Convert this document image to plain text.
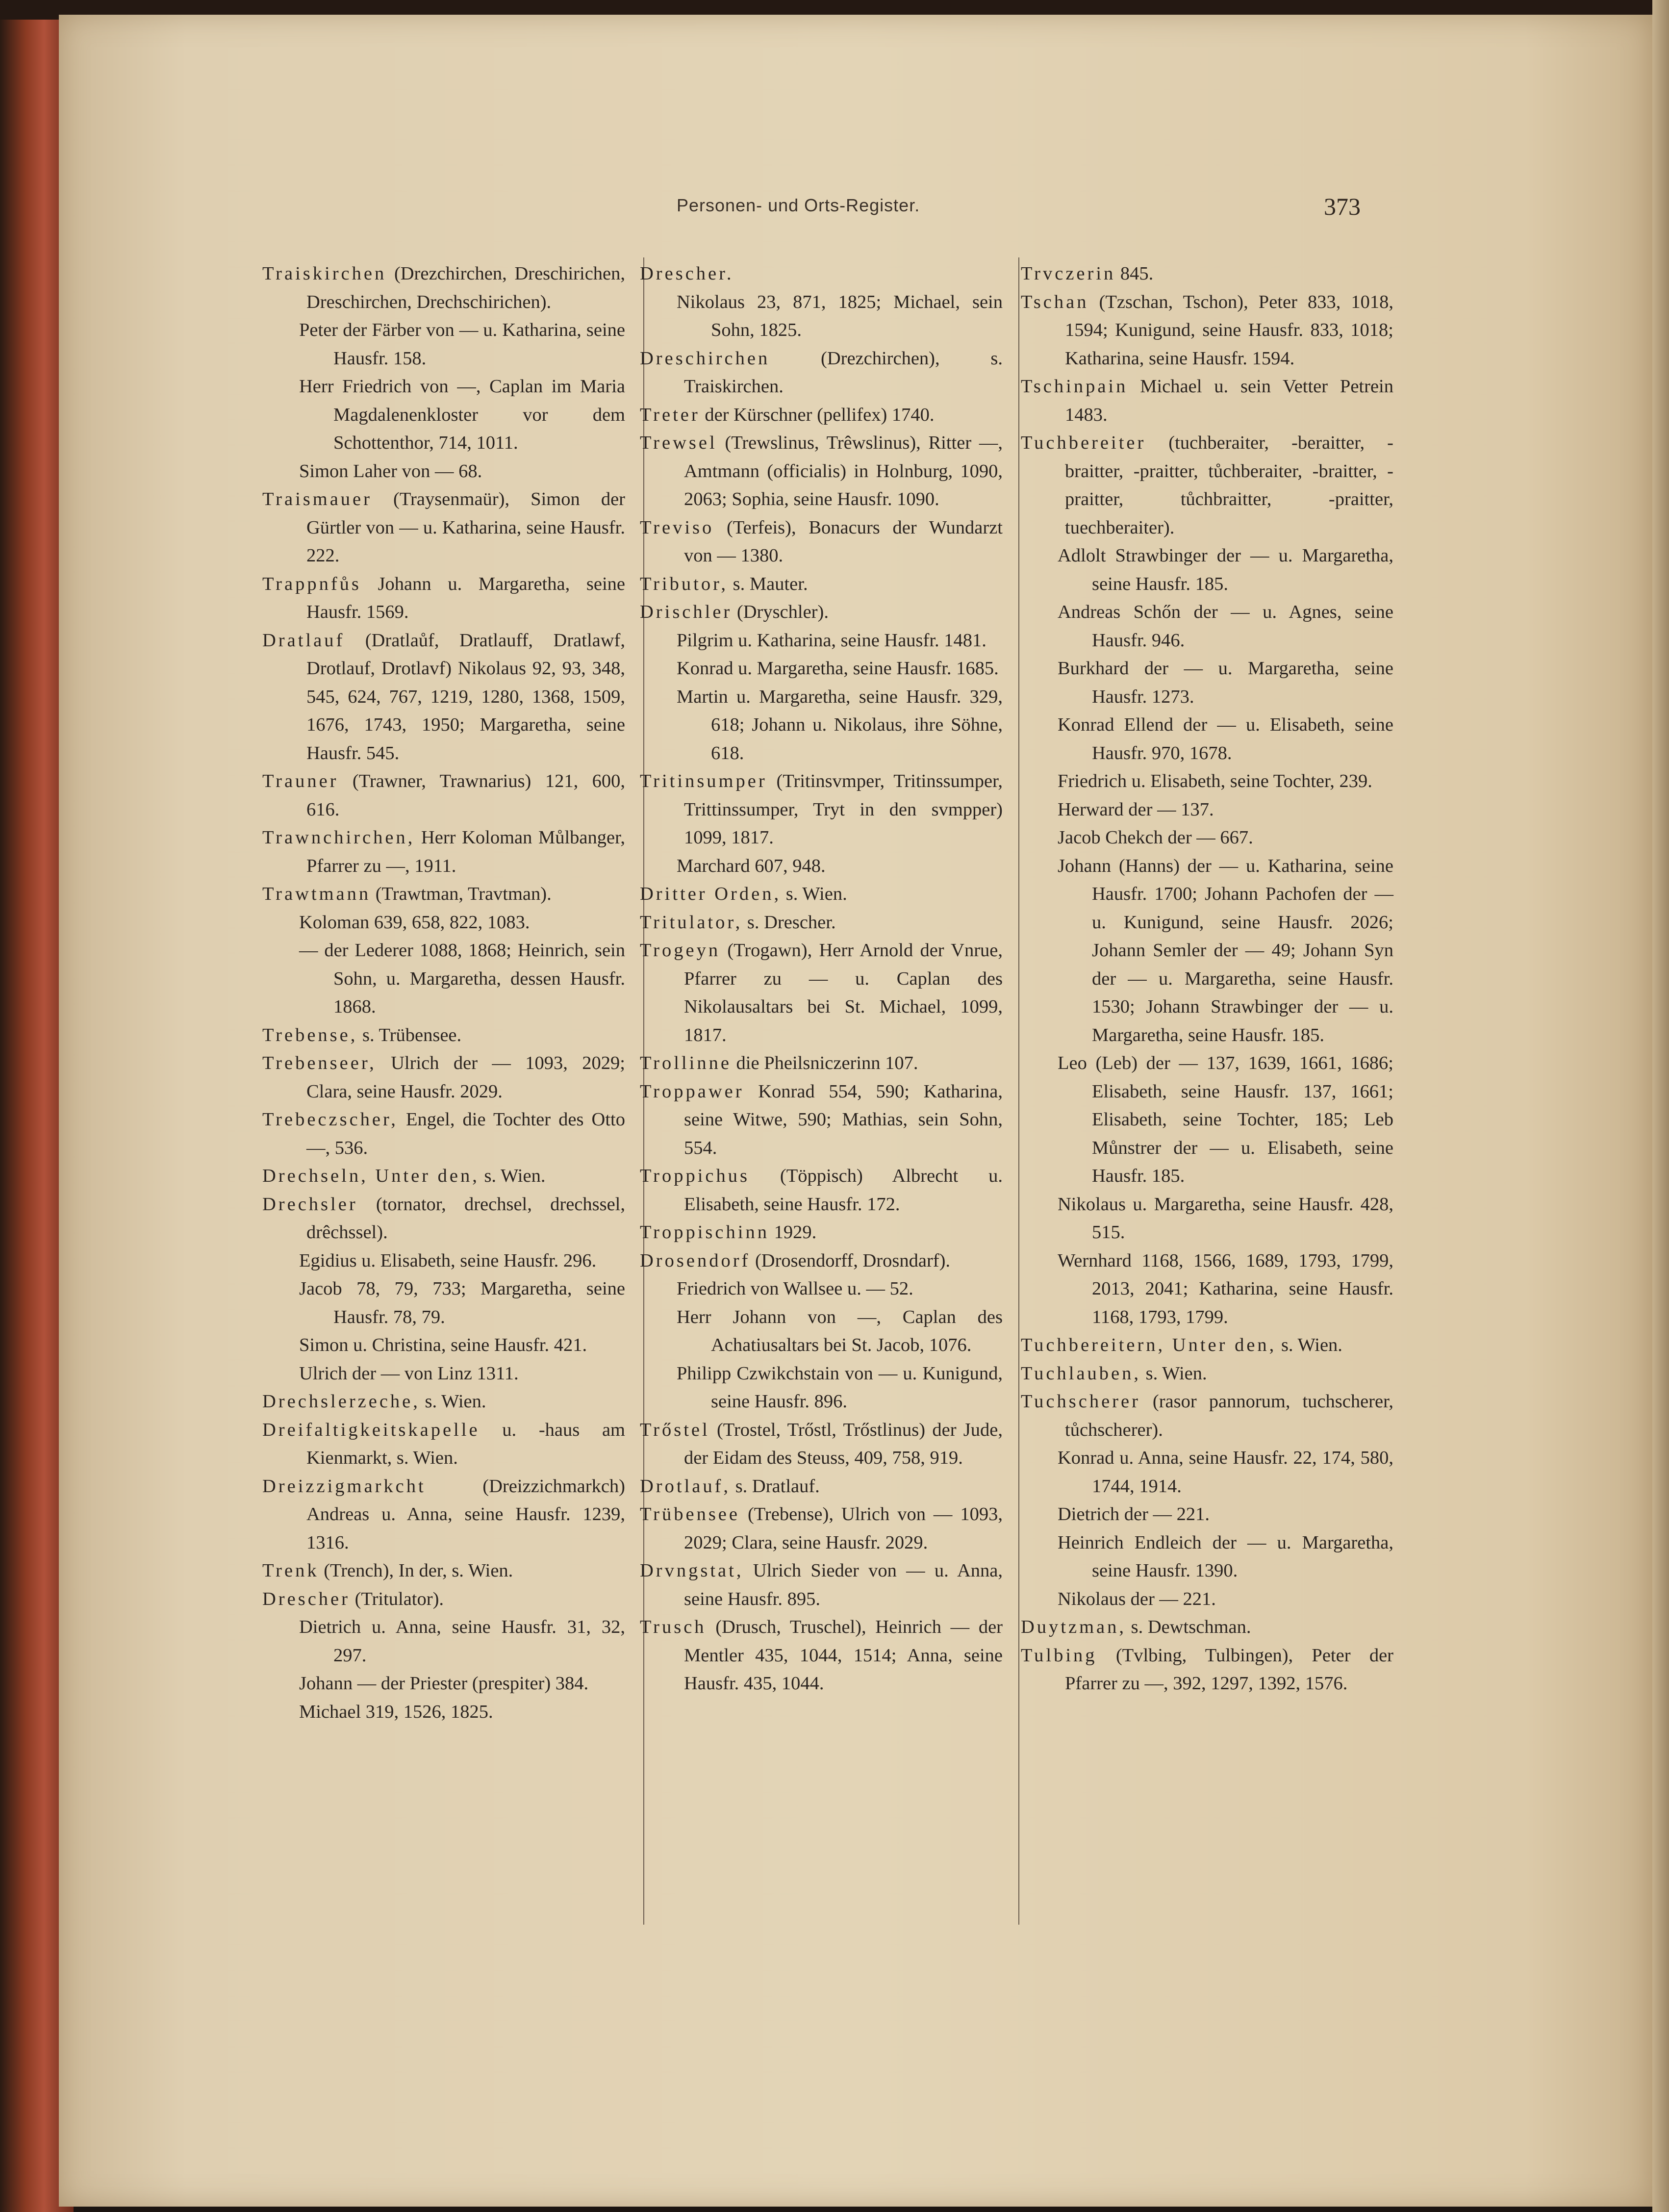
Personen- und Orts-Register.	373

Traiskirchen (Drezchirchen, Dreschirichen, Dreschirchen, Drechschirichen).

Peter der Färber von — u. Katharina, seine Hausfr. 158.

Herr Friedrich von —, Caplan im Maria Magdalenenkloster vor dem Schottenthor, 714, 1011.

Simon Laher von — 68.

Traismauer (Traysenmaür), Simon der Gürtler von — u. Katharina, seine Hausfr. 222.

Trappnfůs Johann u. Margaretha, seine Hausfr. 1569.

Dratlauf (Dratlaůf, Dratlauff, Dratlawf, Drotlauf, Drotlavf) Nikolaus 92, 93, 348, 545, 624, 767, 1219, 1280, 1368, 1509, 1676, 1743, 1950; Margaretha, seine Hausfr. 545.

Trauner (Trawner, Trawnarius) 121, 600, 616.

Trawnchirchen, Herr Koloman Můlbanger, Pfarrer zu —, 1911.

Trawtmann (Trawtman, Travtman).

Koloman 639, 658, 822, 1083.

— der Lederer 1088, 1868; Heinrich, sein Sohn, u. Margaretha, dessen Hausfr. 1868.

Trebense, s. Trübensee.

Trebenseer, Ulrich der — 1093, 2029; Clara, seine Hausfr. 2029.

Trebeczscher, Engel, die Tochter des Otto —, 536.

Drechseln, Unter den, s. Wien.

Drechsler (tornator, drechsel, drechssel, drêchssel).

Egidius u. Elisabeth, seine Hausfr. 296.

Jacob 78, 79, 733; Margaretha, seine Hausfr. 78, 79.

Simon u. Christina, seine Hausfr. 421.

Ulrich der — von Linz 1311.

Drechslerzeche, s. Wien.

Dreifaltigkeitskapelle u. -haus am Kienmarkt, s. Wien.

Dreizzigmarkcht (Dreizzichmarkch) Andreas u. Anna, seine Hausfr. 1239, 1316.

Trenk (Trench), In der, s. Wien.

Drescher (Tritulator).

Dietrich u. Anna, seine Hausfr. 31, 32, 297.

Johann — der Priester (prespiter) 384.

Michael 319, 1526, 1825.

Drescher.

Nikolaus 23, 871, 1825; Michael, sein Sohn, 1825.

Dreschirchen (Drezchirchen), s. Traiskirchen.

Treter der Kürschner (pellifex) 1740.

Trewsel (Trewslinus, Trêwslinus), Ritter —, Amtmann (officialis) in Holnburg, 1090, 2063; Sophia, seine Hausfr. 1090.

Treviso (Terfeis), Bonacurs der Wundarzt von — 1380.

Tributor, s. Mauter.

Drischler (Dryschler).

Pilgrim u. Katharina, seine Hausfr. 1481.

Konrad u. Margaretha, seine Hausfr. 1685.

Martin u. Margaretha, seine Hausfr. 329, 618; Johann u. Nikolaus, ihre Söhne, 618.

Tritinsumper (Tritinsvmper, Tritinssumper, Trittinssumper, Tryt in den svmpper) 1099, 1817.

Marchard 607, 948.

Dritter Orden, s. Wien.

Tritulator, s. Drescher.

Trogeyn (Trogawn), Herr Arnold der Vnrue, Pfarrer zu — u. Caplan des Nikolausaltars bei St. Michael, 1099, 1817.

Trollinne die Pheilsniczerinn 107.

Troppawer Konrad 554, 590; Katharina, seine Witwe, 590; Mathias, sein Sohn, 554.

Troppichus (Töppisch) Albrecht u. Elisabeth, seine Hausfr. 172.

Troppischinn 1929.

Drosendorf (Drosendorff, Drosndarf).

Friedrich von Wallsee u. — 52.

Herr Johann von —, Caplan des Achatiusaltars bei St. Jacob, 1076.

Philipp Czwikchstain von — u. Kunigund, seine Hausfr. 896.

Trőstel (Trostel, Trőstl, Trőstlinus) der Jude, der Eidam des Steuss, 409, 758, 919.

Drotlauf, s. Dratlauf.

Trübensee (Trebense), Ulrich von — 1093, 2029; Clara, seine Hausfr. 2029.

Drvngstat, Ulrich Sieder von — u. Anna, seine Hausfr. 895.

Trusch (Drusch, Truschel), Heinrich — der Mentler 435, 1044, 1514; Anna, seine Hausfr. 435, 1044.

Trvczerin 845.

Tschan (Tzschan, Tschon), Peter 833, 1018, 1594; Kunigund, seine Hausfr. 833, 1018; Katharina, seine Hausfr. 1594.

Tschinpain Michael u. sein Vetter Petrein 1483.

Tuchbereiter (tuchberaiter, -beraitter, -braitter, -praitter, tůchberaiter, -braitter, -praitter, tůchbraitter, -praitter, tuechberaiter).

Adlolt Strawbinger der — u. Margaretha, seine Hausfr. 185.

Andreas Schőn der — u. Agnes, seine Hausfr. 946.

Burkhard der — u. Margaretha, seine Hausfr. 1273.

Konrad Ellend der — u. Elisabeth, seine Hausfr. 970, 1678.

Friedrich u. Elisabeth, seine Tochter, 239.

Herward der — 137.

Jacob Chekch der — 667.

Johann (Hanns) der — u. Katharina, seine Hausfr. 1700; Johann Pachofen der — u. Kunigund, seine Hausfr. 2026; Johann Semler der — 49; Johann Syn der — u. Margaretha, seine Hausfr. 1530; Johann Strawbinger der — u. Margaretha, seine Hausfr. 185.

Leo (Leb) der — 137, 1639, 1661, 1686; Elisabeth, seine Hausfr. 137, 1661; Elisabeth, seine Tochter, 185; Leb Můnstrer der — u. Elisabeth, seine Hausfr. 185.

Nikolaus u. Margaretha, seine Hausfr. 428, 515.

Wernhard 1168, 1566, 1689, 1793, 1799, 2013, 2041; Katharina, seine Hausfr. 1168, 1793, 1799.

Tuchbereitern, Unter den, s. Wien.

Tuchlauben, s. Wien.

Tuchscherer (rasor pannorum, tuchscherer, tůchscherer).

Konrad u. Anna, seine Hausfr. 22, 174, 580, 1744, 1914.

Dietrich der — 221.

Heinrich Endleich der — u. Margaretha, seine Hausfr. 1390.

Nikolaus der — 221.

Duytzman, s. Dewtschman.

Tulbing (Tvlbing, Tulbingen), Peter der Pfarrer zu —, 392, 1297, 1392, 1576.
